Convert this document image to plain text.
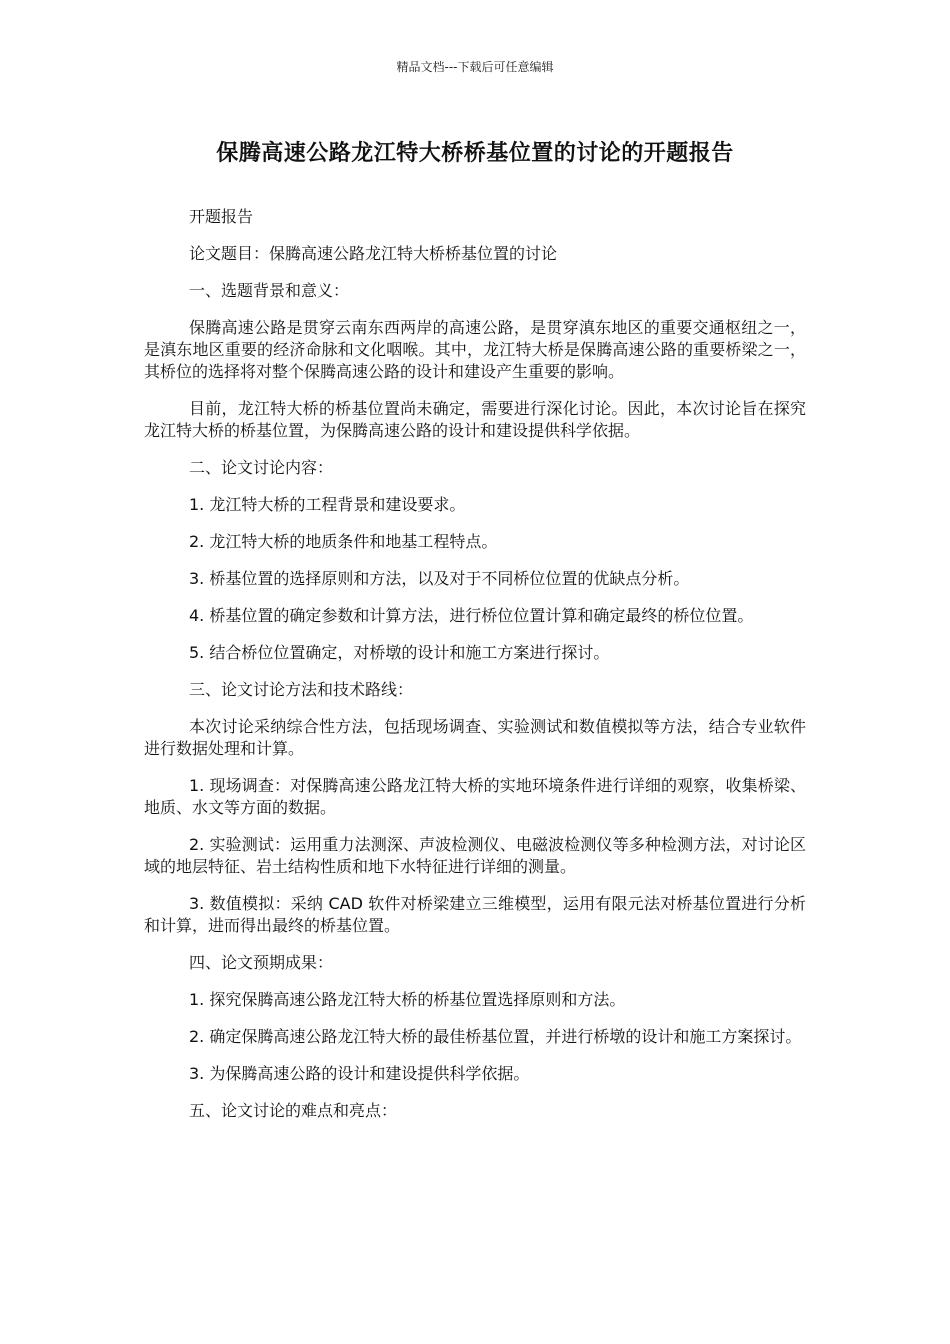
精品文档---下载后可任意编辑
保腾高速公路龙江特大桥桥基位置的讨论的开题报告

开题报告

论文题目：保腾高速公路龙江特大桥桥基位置的讨论

一、选题背景和意义：

保腾高速公路是贯穿云南东西两岸的高速公路，是贯穿滇东地区的重要交通枢纽之一，是滇东地区重要的经济命脉和文化咽喉。其中，龙江特大桥是保腾高速公路的重要桥梁之一，其桥位的选择将对整个保腾高速公路的设计和建设产生重要的影响。

目前，龙江特大桥的桥基位置尚未确定，需要进行深化讨论。因此，本次讨论旨在探究龙江特大桥的桥基位置，为保腾高速公路的设计和建设提供科学依据。

二、论文讨论内容：

1. 龙江特大桥的工程背景和建设要求。

2. 龙江特大桥的地质条件和地基工程特点。

3. 桥基位置的选择原则和方法，以及对于不同桥位位置的优缺点分析。

4. 桥基位置的确定参数和计算方法，进行桥位位置计算和确定最终的桥位位置。

5. 结合桥位位置确定，对桥墩的设计和施工方案进行探讨。

三、论文讨论方法和技术路线：

本次讨论采纳综合性方法，包括现场调查、实验测试和数值模拟等方法，结合专业软件进行数据处理和计算。

1. 现场调查：对保腾高速公路龙江特大桥的实地环境条件进行详细的观察，收集桥梁、地质、水文等方面的数据。

2. 实验测试：运用重力法测深、声波检测仪、电磁波检测仪等多种检测方法，对讨论区域的地层特征、岩土结构性质和地下水特征进行详细的测量。

3. 数值模拟：采纳 CAD 软件对桥梁建立三维模型，运用有限元法对桥基位置进行分析和计算，进而得出最终的桥基位置。

四、论文预期成果：

1. 探究保腾高速公路龙江特大桥的桥基位置选择原则和方法。

2. 确定保腾高速公路龙江特大桥的最佳桥基位置，并进行桥墩的设计和施工方案探讨。

3. 为保腾高速公路的设计和建设提供科学依据。

五、论文讨论的难点和亮点：
